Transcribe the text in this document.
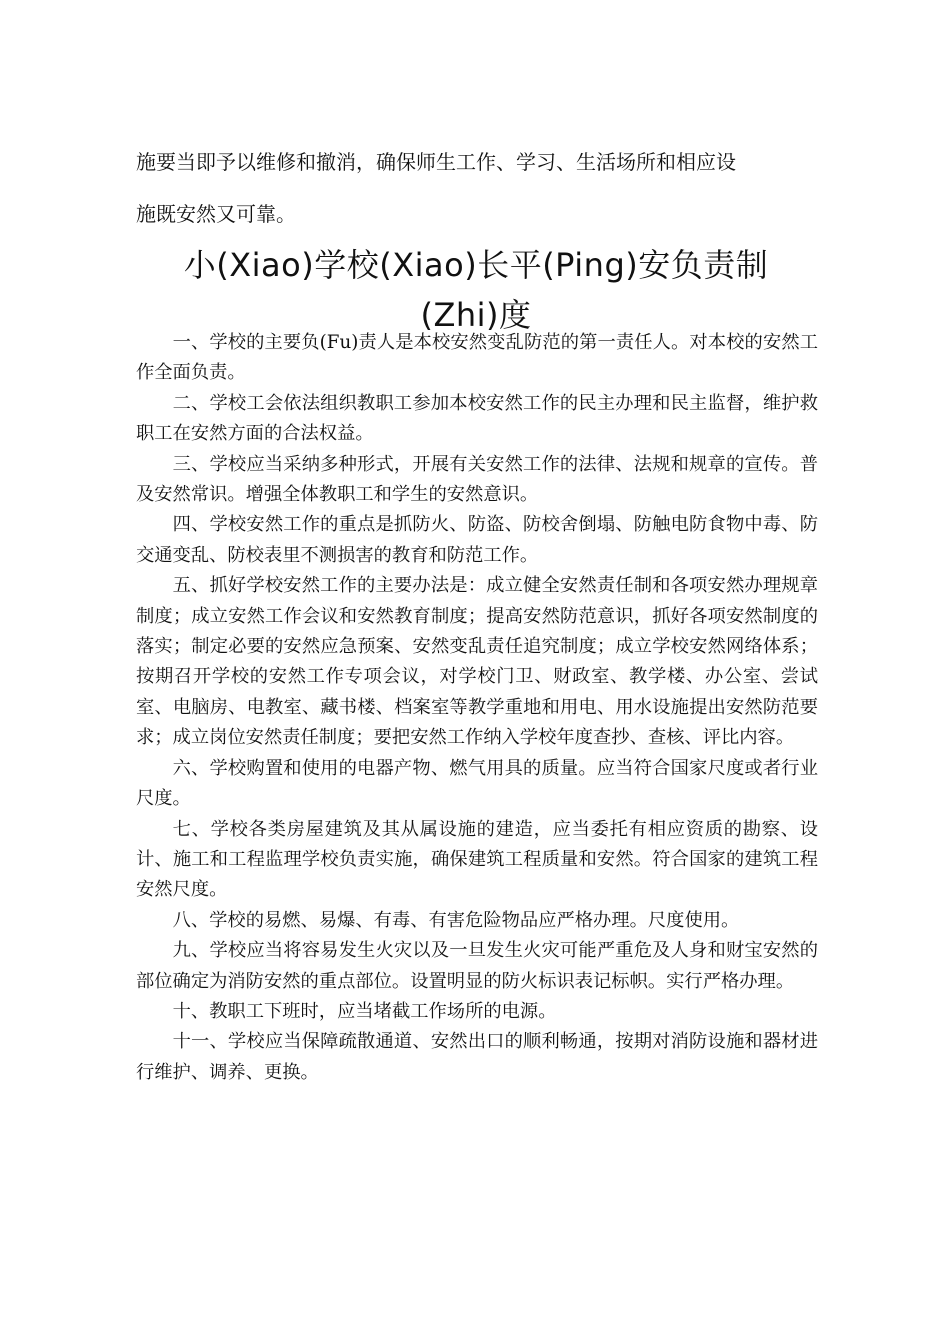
施要当即予以维修和撤消，确保师生工作、学习、生活场所和相应设

施既安然又可靠。

小(Xiao)学校(Xiao)长平(Ping)安负责制
(Zhi)度

一、学校的主要负(Fu)责人是本校安然变乱防范的第一责任人。对本校的安然工作全面负责。

二、学校工会依法组织教职工参加本校安然工作的民主办理和民主监督，维护救职工在安然方面的合法权益。

三、学校应当采纳多种形式，开展有关安然工作的法律、法规和规章的宣传。普及安然常识。增强全体教职工和学生的安然意识。

四、学校安然工作的重点是抓防火、防盗、防校舍倒塌、防触电防食物中毒、防交通变乱、防校表里不测损害的教育和防范工作。

五、抓好学校安然工作的主要办法是：成立健全安然责任制和各项安然办理规章制度；成立安然工作会议和安然教育制度；提高安然防范意识，抓好各项安然制度的落实；制定必要的安然应急预案、安然变乱责任追究制度；成立学校安然网络体系；按期召开学校的安然工作专项会议，对学校门卫、财政室、教学楼、办公室、尝试室、电脑房、电教室、藏书楼、档案室等教学重地和用电、用水设施提出安然防范要求；成立岗位安然责任制度；要把安然工作纳入学校年度查抄、查核、评比内容。

六、学校购置和使用的电器产物、燃气用具的质量。应当符合国家尺度或者行业尺度。

七、学校各类房屋建筑及其从属设施的建造，应当委托有相应资质的勘察、设计、施工和工程监理学校负责实施，确保建筑工程质量和安然。符合国家的建筑工程安然尺度。

八、学校的易燃、易爆、有毒、有害危险物品应严格办理。尺度使用。

九、学校应当将容易发生火灾以及一旦发生火灾可能严重危及人身和财宝安然的部位确定为消防安然的重点部位。设置明显的防火标识表记标帜。实行严格办理。

十、教职工下班时，应当堵截工作场所的电源。

十一、学校应当保障疏散通道、安然出口的顺利畅通，按期对消防设施和器材进行维护、调养、更换。
